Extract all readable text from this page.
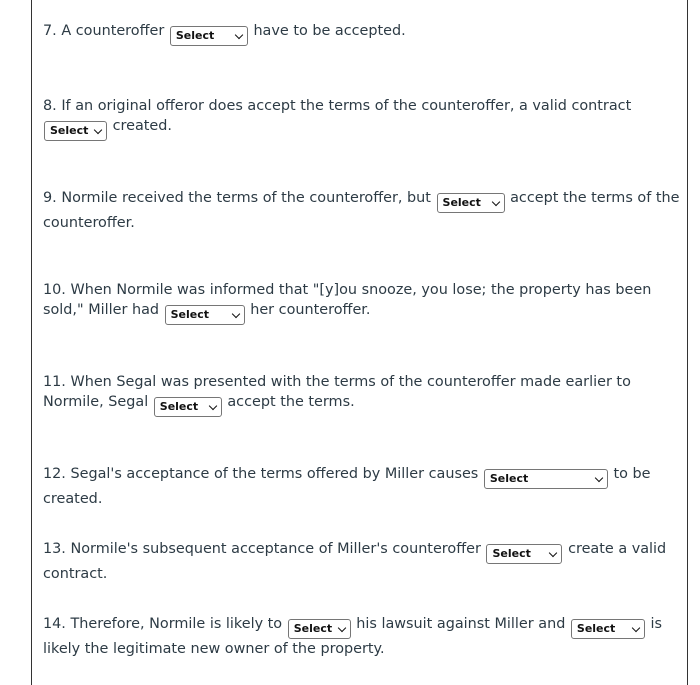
7. A counteroffer Select	have to be accepted.

8. If an original offeror does accept the terms of the counteroffer, a valid contract Select created.

9. Normile received the terms of the counteroffer, but Select accept the terms of the counteroffer.

10. When Normile was informed that "[y]ou snooze, you lose; the property has been sold," Miller had Select	her counteroffer.

11. When Segal was presented with the terms of the counteroffer made earlier to Normile, Segal Select accept the terms.

12. Segal's acceptance of the terms offered by Miller causes Select	to be created.

13. Normile's subsequent acceptance of Miller's counteroffer Select	create a valid contract.

14. Therefore, Normile is likely to Select his lawsuit against Miller and Select is likely the legitimate new owner of the property.
